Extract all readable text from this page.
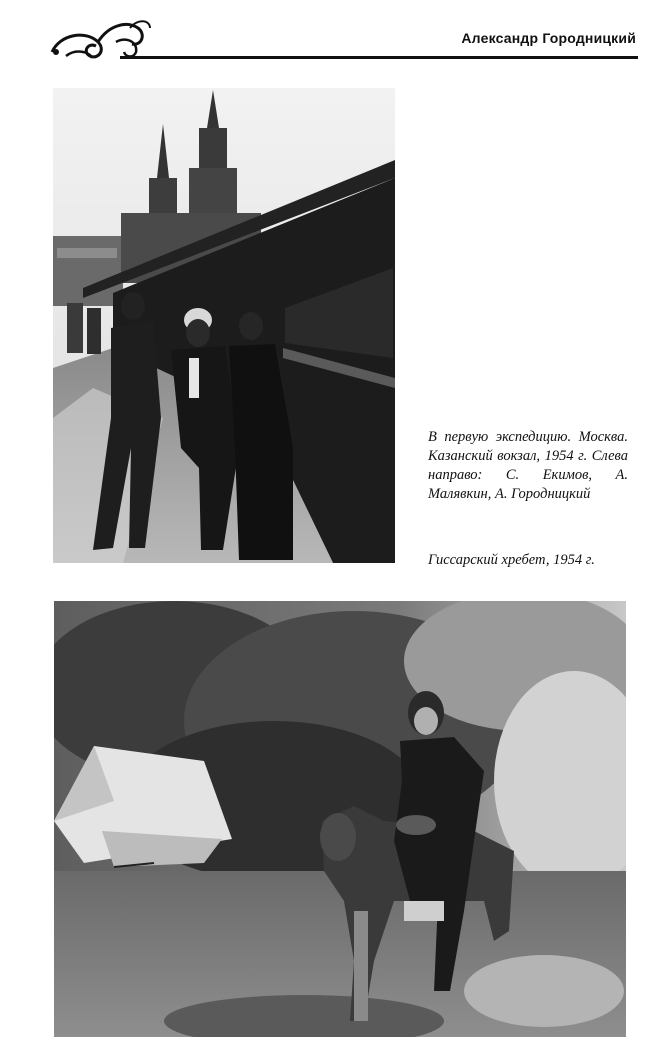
Александр Городницкий
В первую экспедицию. Москва. Казанский вокзал, 1954 г. Слева направо: С. Екимов, А. Малявкин, А. Городницкий
Гиссарский хребет, 1954 г.
